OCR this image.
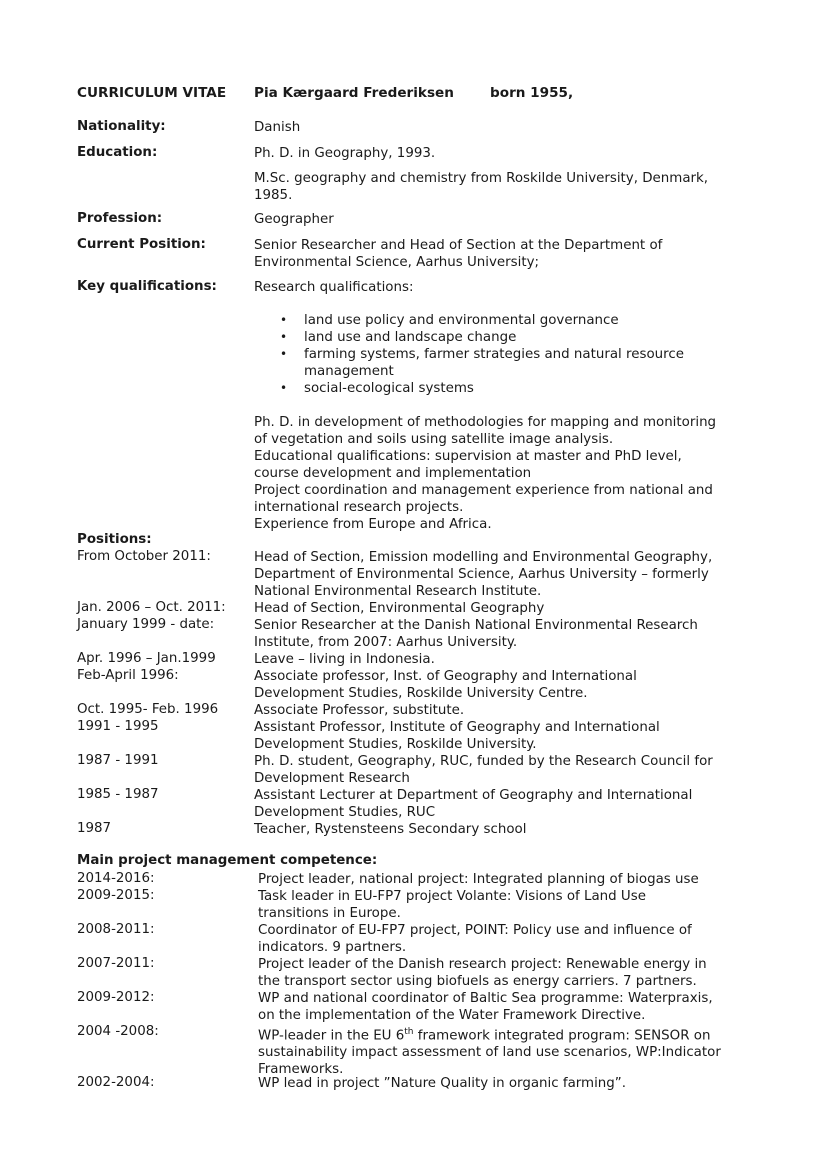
CURRICULUM VITAE Pia Kærgaard Frederiksen	born 1955,
Nationality:	Danish
Education:	Ph. D. in Geography, 1993.
M.Sc. geography and chemistry from Roskilde University, Denmark,
1985.
Profession:	Geographer
Current Position:	Senior Researcher and Head of Section at the Department of
Environmental Science, Aarhus University;
Key qualifications:	Research qualifications:
• land use policy and environmental governance
• land use and landscape change
• farming systems, farmer strategies and natural resource
management
• social-ecological systems
Ph. D. in development of methodologies for mapping and monitoring
of vegetation and soils using satellite image analysis.
Educational qualifications: supervision at master and PhD level,
course development and implementation
Project coordination and management experience from national and
international research projects.
Experience from Europe and Africa.
Positions:
From October 2011:	Head of Section, Emission modelling and Environmental Geography,
Department of Environmental Science, Aarhus University – formerly
National Environmental Research Institute.
Jan. 2006 – Oct. 2011: Head of Section, Environmental Geography
January 1999 - date:	Senior Researcher at the Danish National Environmental Research
Institute, from 2007: Aarhus University.
Apr. 1996 – Jan.1999	Leave – living in Indonesia.
Feb-April 1996:	Associate professor, Inst. of Geography and International
Development Studies, Roskilde University Centre.
Oct. 1995- Feb. 1996	Associate Professor, substitute.
1991 - 1995	Assistant Professor, Institute of Geography and International
Development Studies, Roskilde University.
1987 - 1991	Ph. D. student, Geography, RUC, funded by the Research Council for
Development Research
1985 - 1987	Assistant Lecturer at Department of Geography and International
Development Studies, RUC
1987	Teacher, Rystensteens Secondary school
Main project management competence:
2014-2016:	Project leader, national project: Integrated planning of biogas use
2009-2015:	Task leader in EU-FP7 project Volante: Visions of Land Use
transitions in Europe.
2008-2011:	Coordinator of EU-FP7 project, POINT: Policy use and influence of
indicators. 9 partners.
2007-2011:	Project leader of the Danish research project: Renewable energy in
the transport sector using biofuels as energy carriers. 7 partners.
2009-2012:	WP and national coordinator of Baltic Sea programme: Waterpraxis,
on the implementation of the Water Framework Directive.
2004 -2008:	WP-leader in the EU 6th framework integrated program: SENSOR on
sustainability impact assessment of land use scenarios, WP:Indicator
Frameworks.
2002-2004:	WP lead in project ”Nature Quality in organic farming”.
